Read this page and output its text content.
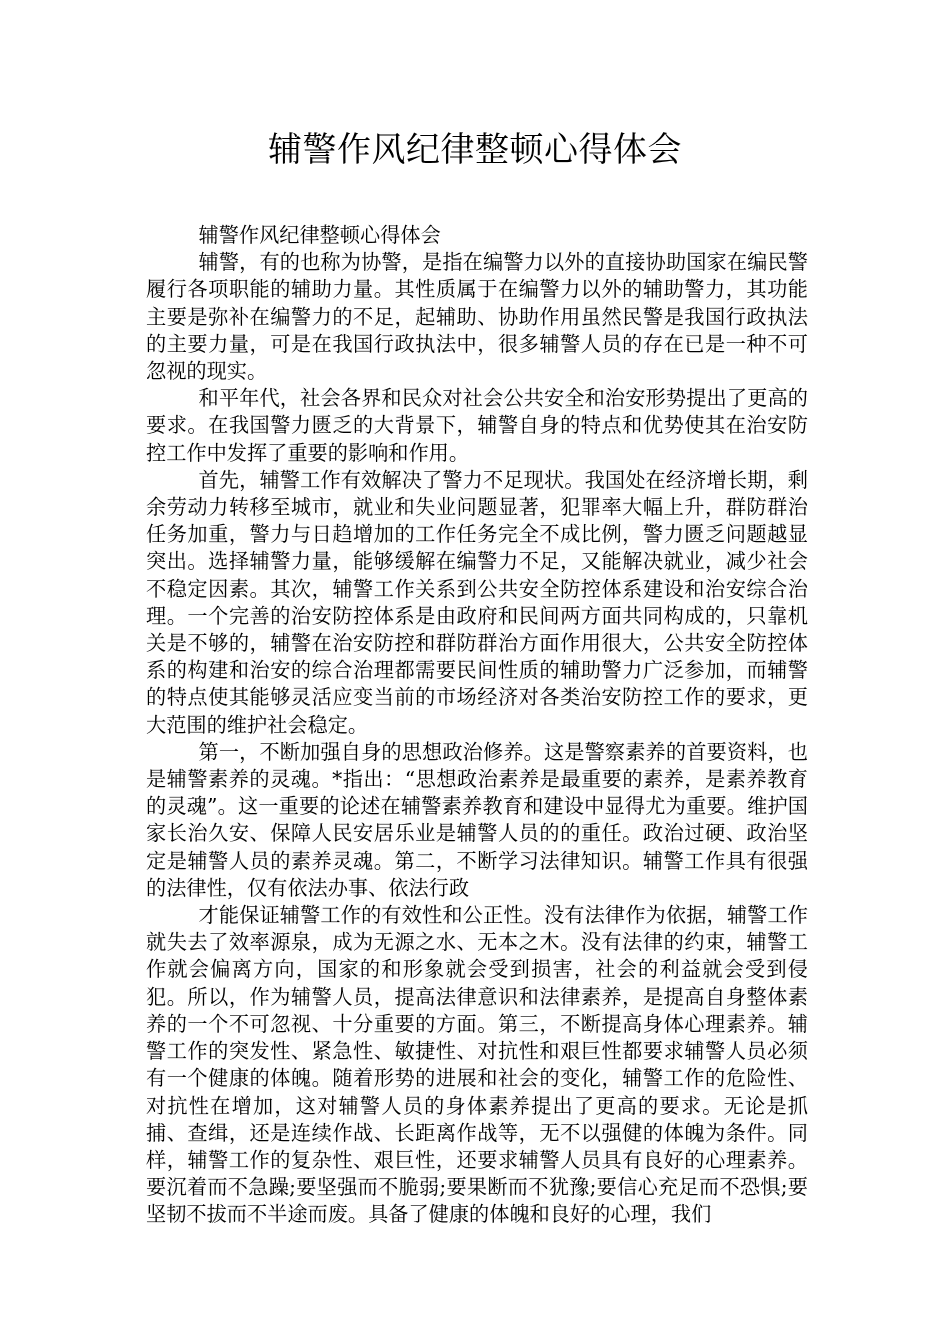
辅警作风纪律整顿心得体会

辅警作风纪律整顿心得体会

辅警，有的也称为协警，是指在编警力以外的直接协助国家在编民警履行各项职能的辅助力量。其性质属于在编警力以外的辅助警力，其功能主要是弥补在编警力的不足，起辅助、协助作用虽然民警是我国行政执法的主要力量，可是在我国行政执法中，很多辅警人员的存在已是一种不可忽视的现实。

和平年代，社会各界和民众对社会公共安全和治安形势提出了更高的要求。在我国警力匮乏的大背景下，辅警自身的特点和优势使其在治安防控工作中发挥了重要的影响和作用。

首先，辅警工作有效解决了警力不足现状。我国处在经济增长期，剩余劳动力转移至城市，就业和失业问题显著，犯罪率大幅上升，群防群治任务加重，警力与日趋增加的工作任务完全不成比例，警力匮乏问题越显突出。选择辅警力量，能够缓解在编警力不足，又能解决就业，减少社会不稳定因素。其次，辅警工作关系到公共安全防控体系建设和治安综合治理。一个完善的治安防控体系是由政府和民间两方面共同构成的，只靠机关是不够的，辅警在治安防控和群防群治方面作用很大，公共安全防控体系的构建和治安的综合治理都需要民间性质的辅助警力广泛参加，而辅警的特点使其能够灵活应变当前的市场经济对各类治安防控工作的要求，更大范围的维护社会稳定。

第一，不断加强自身的思想政治修养。这是警察素养的首要资料，也是辅警素养的灵魂。*指出：“思想政治素养是最重要的素养，是素养教育的灵魂”。这一重要的论述在辅警素养教育和建设中显得尤为重要。维护国家长治久安、保障人民安居乐业是辅警人员的的重任。政治过硬、政治坚定是辅警人员的素养灵魂。第二，不断学习法律知识。辅警工作具有很强的法律性，仅有依法办事、依法行政

才能保证辅警工作的有效性和公正性。没有法律作为依据，辅警工作就失去了效率源泉，成为无源之水、无本之木。没有法律的约束，辅警工作就会偏离方向，国家的和形象就会受到损害，社会的利益就会受到侵犯。所以，作为辅警人员，提高法律意识和法律素养，是提高自身整体素养的一个不可忽视、十分重要的方面。第三，不断提高身体心理素养。辅警工作的突发性、紧急性、敏捷性、对抗性和艰巨性都要求辅警人员必须有一个健康的体魄。随着形势的进展和社会的变化，辅警工作的危险性、对抗性在增加，这对辅警人员的身体素养提出了更高的要求。无论是抓捕、查缉，还是连续作战、长距离作战等，无不以强健的体魄为条件。同样，辅警工作的复杂性、艰巨性，还要求辅警人员具有良好的心理素养。要沉着而不急躁;要坚强而不脆弱;要果断而不犹豫;要信心充足而不恐惧;要坚韧不拔而不半途而废。具备了健康的体魄和良好的心理，我们
